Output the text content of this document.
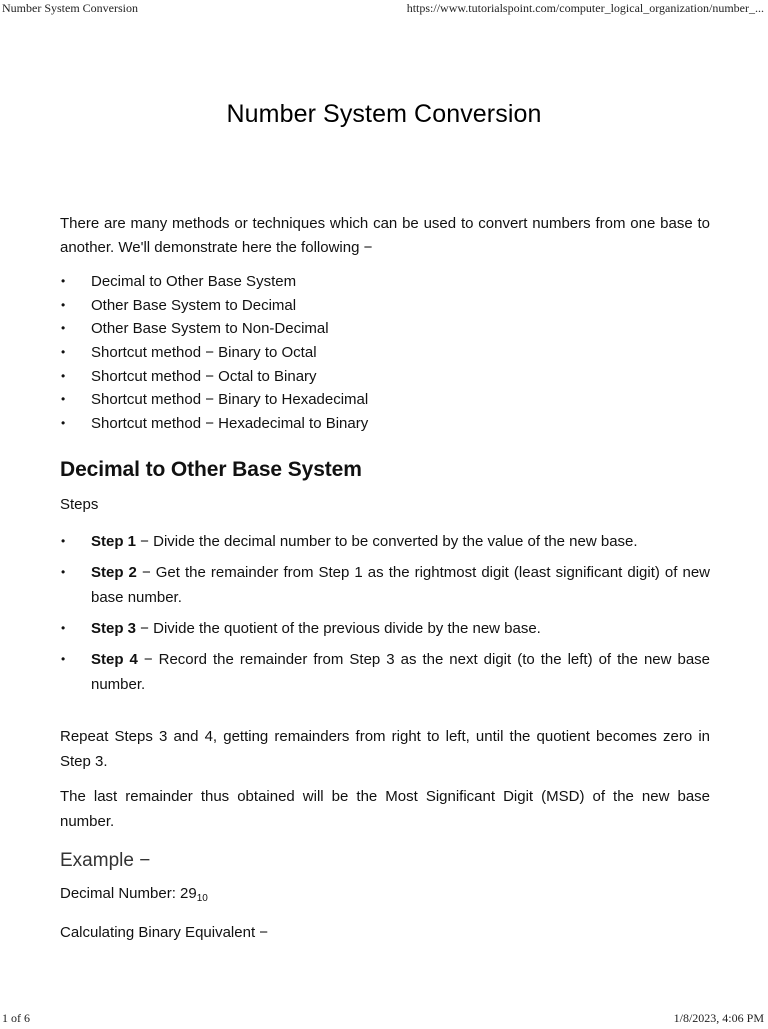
Number System Conversion	https://www.tutorialspoint.com/computer_logical_organization/number_...
Number System Conversion

There are many methods or techniques which can be used to convert numbers from one base to another. We'll demonstrate here the following −

• Decimal to Other Base System
• Other Base System to Decimal
• Other Base System to Non-Decimal
• Shortcut method − Binary to Octal
• Shortcut method − Octal to Binary
• Shortcut method − Binary to Hexadecimal
• Shortcut method − Hexadecimal to Binary
Decimal to Other Base System

Steps

• Step 1 − Divide the decimal number to be converted by the value of the new base.
• Step 2 − Get the remainder from Step 1 as the rightmost digit (least significant digit) of new base number.
• Step 3 − Divide the quotient of the previous divide by the new base.
• Step 4 − Record the remainder from Step 3 as the next digit (to the left) of the new base number.

Repeat Steps 3 and 4, getting remainders from right to left, until the quotient becomes zero in Step 3.

The last remainder thus obtained will be the Most Significant Digit (MSD) of the new base number.

Example −

Decimal Number: $29_{10}$

Calculating Binary Equivalent −

1 of 6	1/8/2023, 4:06 PM
